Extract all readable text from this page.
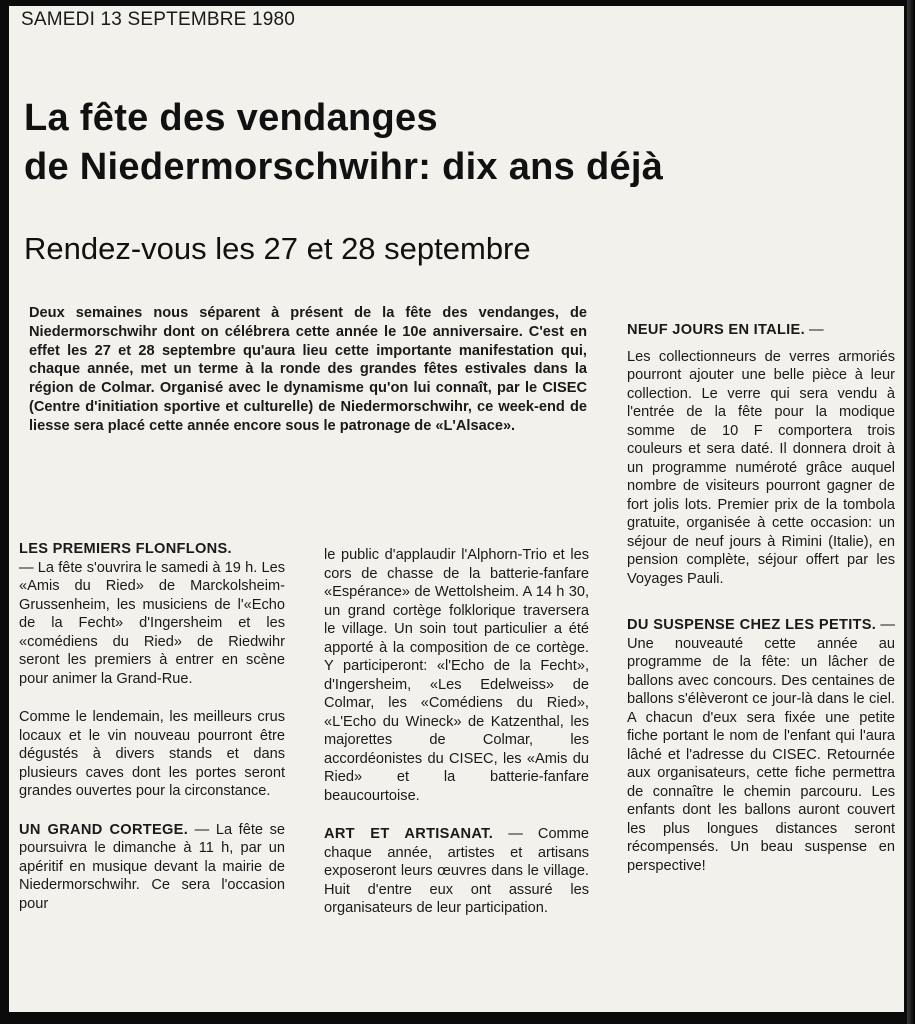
SAMEDI 13 SEPTEMBRE 1980
La fête des vendanges
de Niedermorschwihr: dix ans déjà
Rendez-vous les 27 et 28 septembre
Deux semaines nous séparent à présent de la fête des vendanges, de Niedermorschwihr dont on célébrera cette année le 10e anniversaire. C'est en effet les 27 et 28 septembre qu'aura lieu cette importante manifestation qui, chaque année, met un terme à la ronde des grandes fêtes estivales dans la région de Colmar. Organisé avec le dynamisme qu'on lui connaît, par le CISEC (Centre d'initiation sportive et culturelle) de Niedermorschwihr, ce week-end de liesse sera placé cette année encore sous le patronage de «L'Alsace».

LES PREMIERS FLONFLONS.

— La fête s'ouvrira le samedi à 19 h. Les «Amis du Ried» de Marckolsheim-Grussenheim, les musiciens de l'«Echo de la Fecht» d'Ingersheim et les «comédiens du Ried» de Riedwihr seront les premiers à entrer en scène pour animer la Grand-Rue.

Comme le lendemain, les meilleurs crus locaux et le vin nouveau pourront être dégustés à divers stands et dans plusieurs caves dont les portes seront grandes ouvertes pour la circonstance.

UN GRAND CORTEGE. — La fête se poursuivra le dimanche à 11 h, par un apéritif en musique devant la mairie de Niedermorschwihr. Ce sera l'occasion pour

le public d'applaudir l'Alphorn-Trio et les cors de chasse de la batterie-fanfare «Espérance» de Wettolsheim. A 14 h 30, un grand cortège folklorique traversera le village. Un soin tout particulier a été apporté à la composition de ce cortège. Y participeront: «l'Echo de la Fecht», d'Ingersheim, «Les Edelweiss» de Colmar, les «Comédiens du Ried», «L'Echo du Wineck» de Katzenthal, les majorettes de Colmar, les accordéonistes du CISEC, les «Amis du Ried» et la batterie-fanfare beaucourtoise.

ART ET ARTISANAT. — Comme chaque année, artistes et artisans exposeront leurs œuvres dans le village. Huit d'entre eux ont assuré les organisateurs de leur participation.

NEUF JOURS EN ITALIE. —

Les collectionneurs de verres armoriés pourront ajouter une belle pièce à leur collection. Le verre qui sera vendu à l'entrée de la fête pour la modique somme de 10 F comportera trois couleurs et sera daté. Il donnera droit à un programme numéroté grâce auquel nombre de visiteurs pourront gagner de fort jolis lots. Premier prix de la tombola gratuite, organisée à cette occasion: un séjour de neuf jours à Rimini (Italie), en pension complète, séjour offert par les Voyages Pauli.

DU SUSPENSE CHEZ LES PETITS. — Une nouveauté cette année au programme de la fête: un lâcher de ballons avec concours. Des centaines de ballons s'élèveront ce jour-là dans le ciel. A chacun d'eux sera fixée une petite fiche portant le nom de l'enfant qui l'aura lâché et l'adresse du CISEC. Retournée aux organisateurs, cette fiche permettra de connaître le chemin parcouru. Les enfants dont les ballons auront couvert les plus longues distances seront récompensés. Un beau suspense en perspective!
